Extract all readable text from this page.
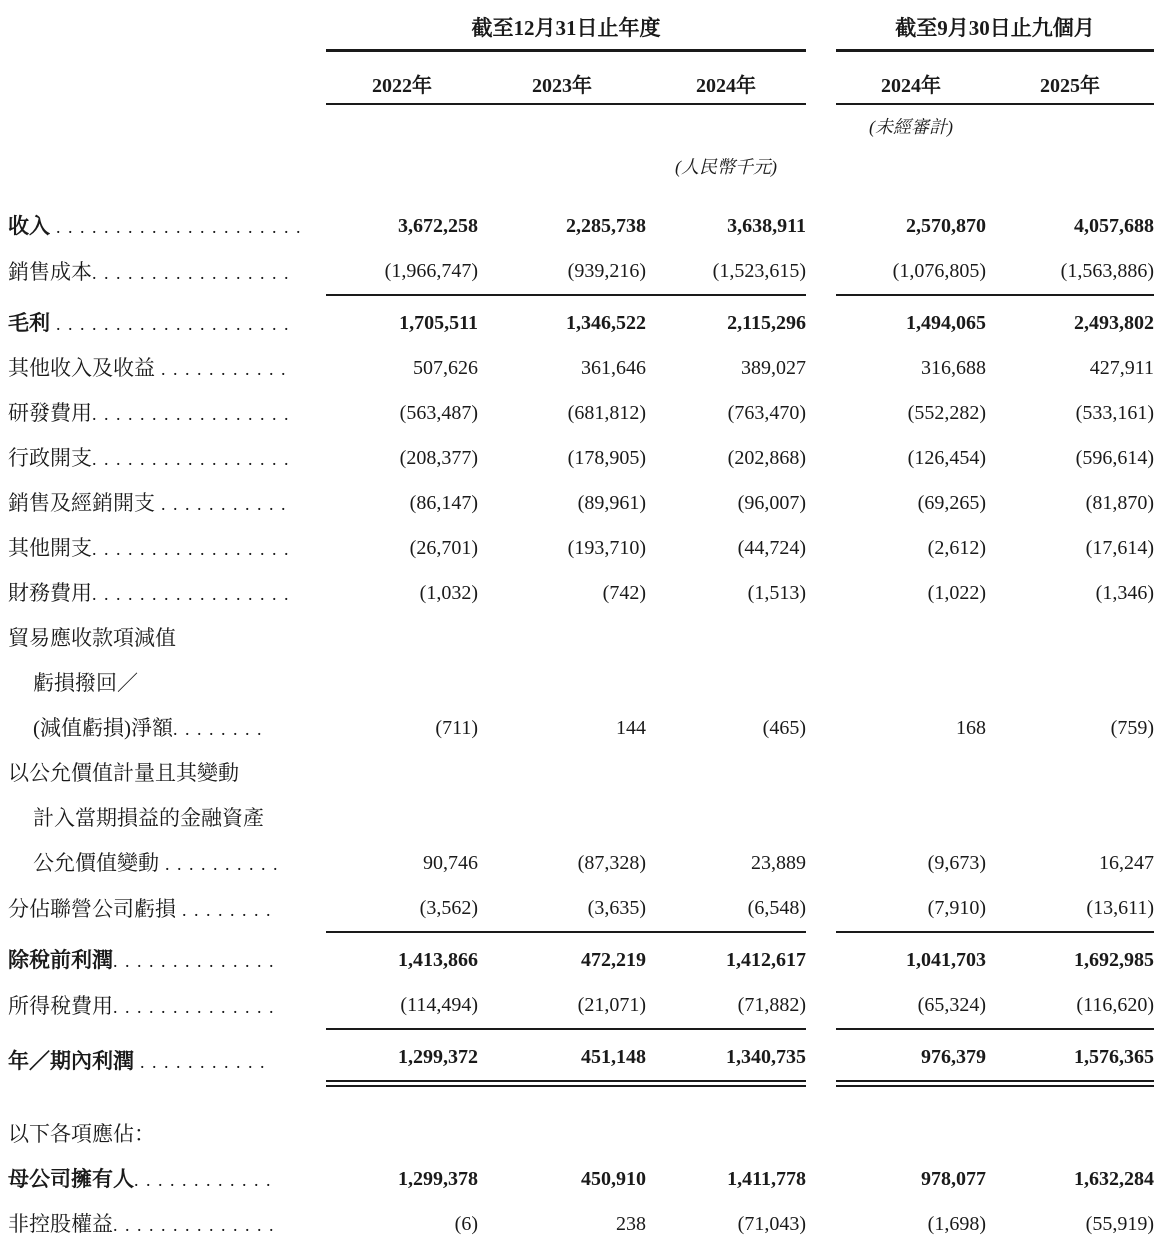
	截至12月31日止年度				截至9月30日止九個月	
	2022年	2023年	2024年		2024年	2025年
					(未經審計)	
			(人民幣千元)			

收入 . . . . . . . . . . . . . . . . . . . . .	3,672,258	2,285,738	3,638,911		2,570,870	4,057,688

銷售成本. . . . . . . . . . . . . . . . .	(1,966,747)	(939,216)	(1,523,615)		(1,076,805)	(1,563,886)

毛利 . . . . . . . . . . . . . . . . . . . .	1,705,511	1,346,522	2,115,296		1,494,065	2,493,802

其他收入及收益 . . . . . . . . . . .	507,626	361,646	389,027		316,688	427,911

研發費用. . . . . . . . . . . . . . . . .	(563,487)	(681,812)	(763,470)		(552,282)	(533,161)

行政開支. . . . . . . . . . . . . . . . .	(208,377)	(178,905)	(202,868)		(126,454)	(596,614)

銷售及經銷開支 . . . . . . . . . . .	(86,147)	(89,961)	(96,007)		(69,265)	(81,870)

其他開支. . . . . . . . . . . . . . . . .	(26,701)	(193,710)	(44,724)		(2,612)	(17,614)

財務費用. . . . . . . . . . . . . . . . .	(1,032)	(742)	(1,513)		(1,022)	(1,346)

貿易應收款項減值
虧損撥回／
(減值虧損)淨額. . . . . . . .	(711)	144	(465)		168	(759)

以公允價值計量且其變動
計入當期損益的金融資產
公允價值變動 . . . . . . . . . .	90,746	(87,328)	23,889		(9,673)	16,247

分佔聯營公司虧損 . . . . . . . .	(3,562)	(3,635)	(6,548)		(7,910)	(13,611)

除稅前利潤. . . . . . . . . . . . . .	1,413,866	472,219	1,412,617		1,041,703	1,692,985

所得稅費用. . . . . . . . . . . . . .	(114,494)	(21,071)	(71,882)		(65,324)	(116,620)

年／期內利潤 . . . . . . . . . . .	1,299,372	451,148	1,340,735		976,379	1,576,365

以下各項應佔：						

母公司擁有人. . . . . . . . . . . .	1,299,378	450,910	1,411,778		978,077	1,632,284

非控股權益. . . . . . . . . . . . . .	(6)	238	(71,043)		(1,698)	(55,919)
